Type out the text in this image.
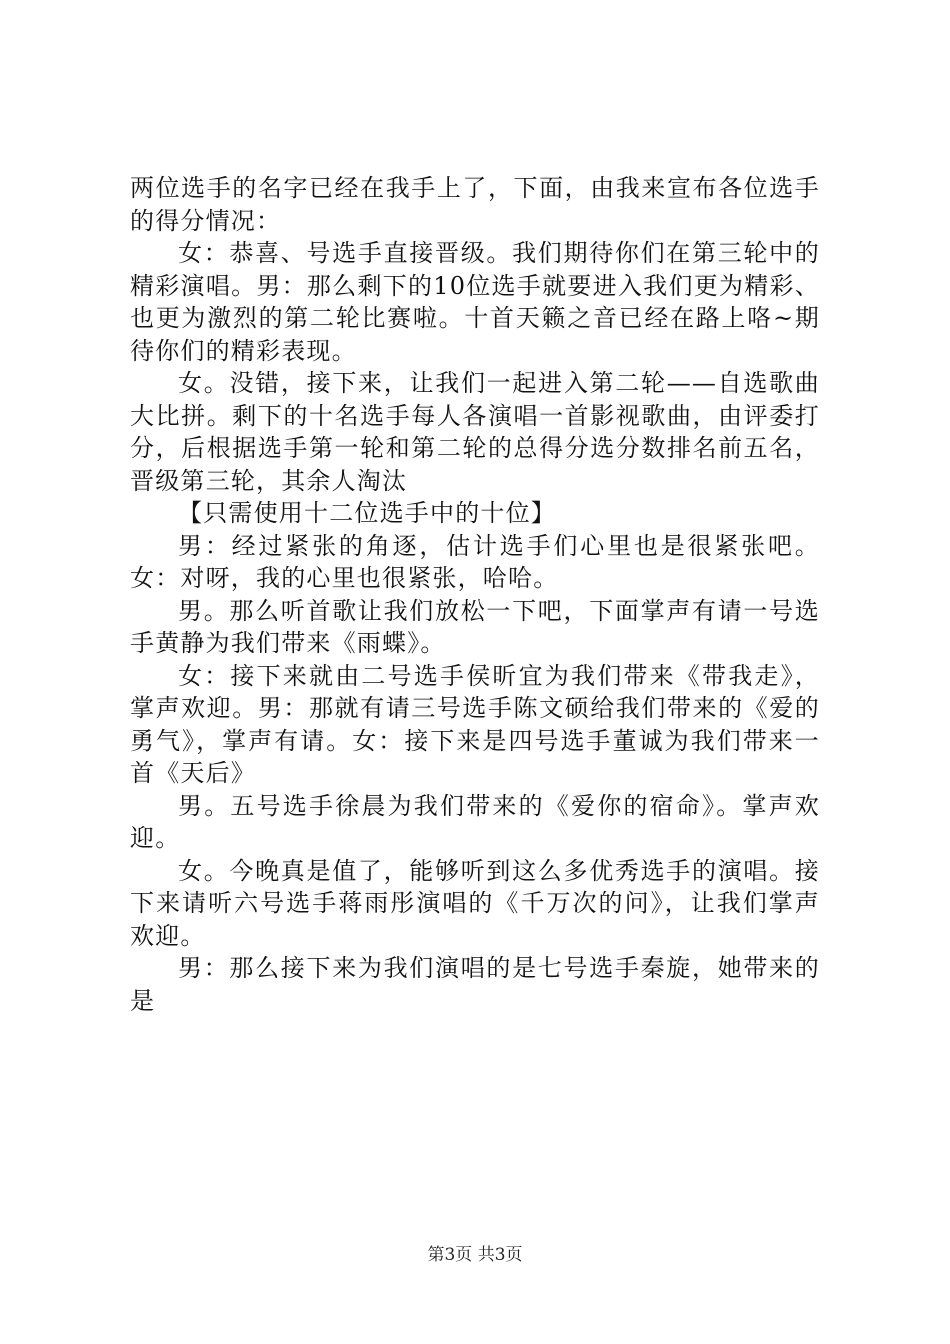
两位选手的名字已经在我手上了，下面，由我来宣布各位选手的得分情况：

女：恭喜、号选手直接晋级。我们期待你们在第三轮中的精彩演唱。男：那么剩下的10位选手就要进入我们更为精彩、也更为激烈的第二轮比赛啦。十首天籁之音已经在路上咯~期待你们的精彩表现。

女。没错，接下来，让我们一起进入第二轮——自选歌曲大比拼。剩下的十名选手每人各演唱一首影视歌曲，由评委打分，后根据选手第一轮和第二轮的总得分选分数排名前五名，晋级第三轮，其余人淘汰

【只需使用十二位选手中的十位】

男：经过紧张的角逐，估计选手们心里也是很紧张吧。女：对呀，我的心里也很紧张，哈哈。

男。那么听首歌让我们放松一下吧，下面掌声有请一号选手黄静为我们带来《雨蝶》。

女：接下来就由二号选手侯昕宜为我们带来《带我走》，掌声欢迎。男：那就有请三号选手陈文硕给我们带来的《爱的勇气》，掌声有请。女：接下来是四号选手董诚为我们带来一首《天后》

男。五号选手徐晨为我们带来的《爱你的宿命》。掌声欢迎。

女。今晚真是值了，能够听到这么多优秀选手的演唱。接下来请听六号选手蒋雨彤演唱的《千万次的问》，让我们掌声欢迎。

男：那么接下来为我们演唱的是七号选手秦旋，她带来的是

第3页 共3页
